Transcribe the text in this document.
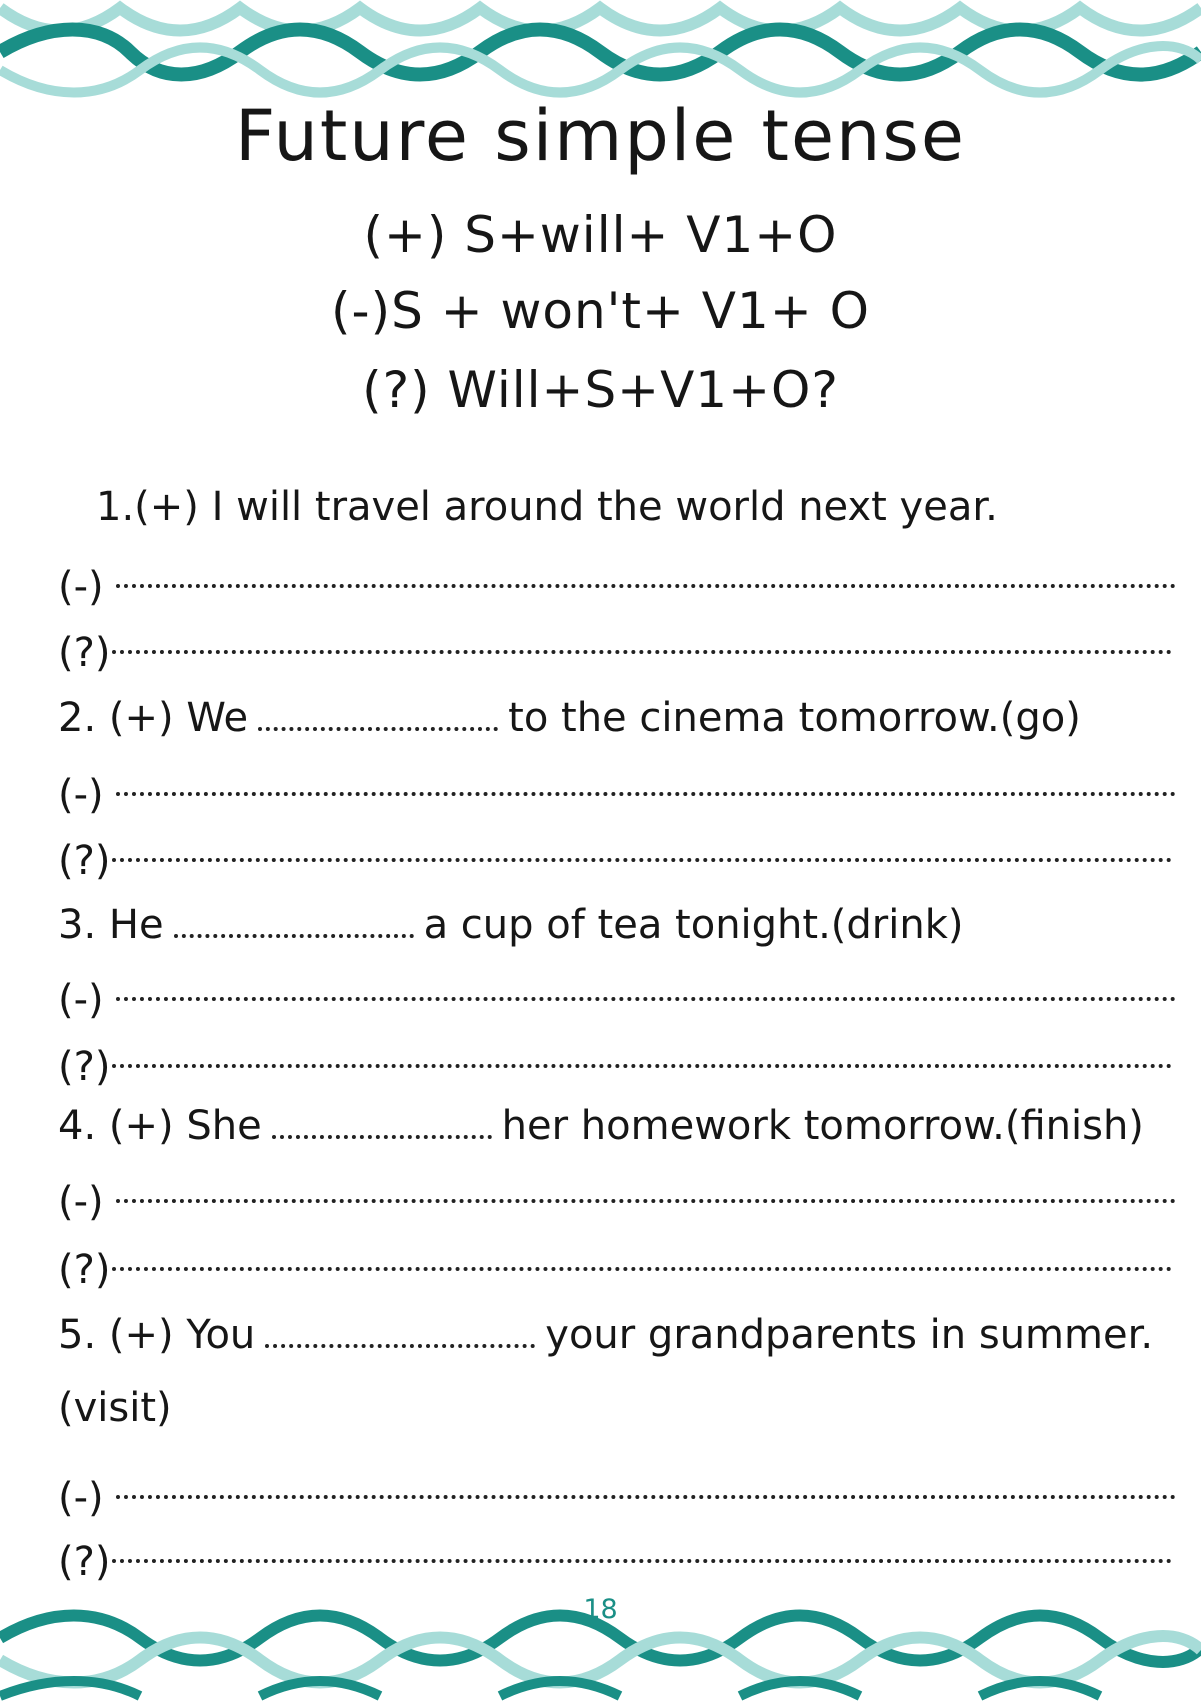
Future simple tense
(+) S+will+ V1+O
(-)S + won't+ V1+ O
(?) Will+S+V1+O?
1.(+) I will travel around the world next year.
(-)
(?)
2. (+) We	to the cinema tomorrow.(go)
(-)
(?)
3. He	a cup of tea tonight.(drink)
(-)
(?)
4. (+) She	her homework tomorrow.(finish)
(-)
(?)
5. (+) You	your grandparents in summer.
(visit)
(-)
(?)
18
